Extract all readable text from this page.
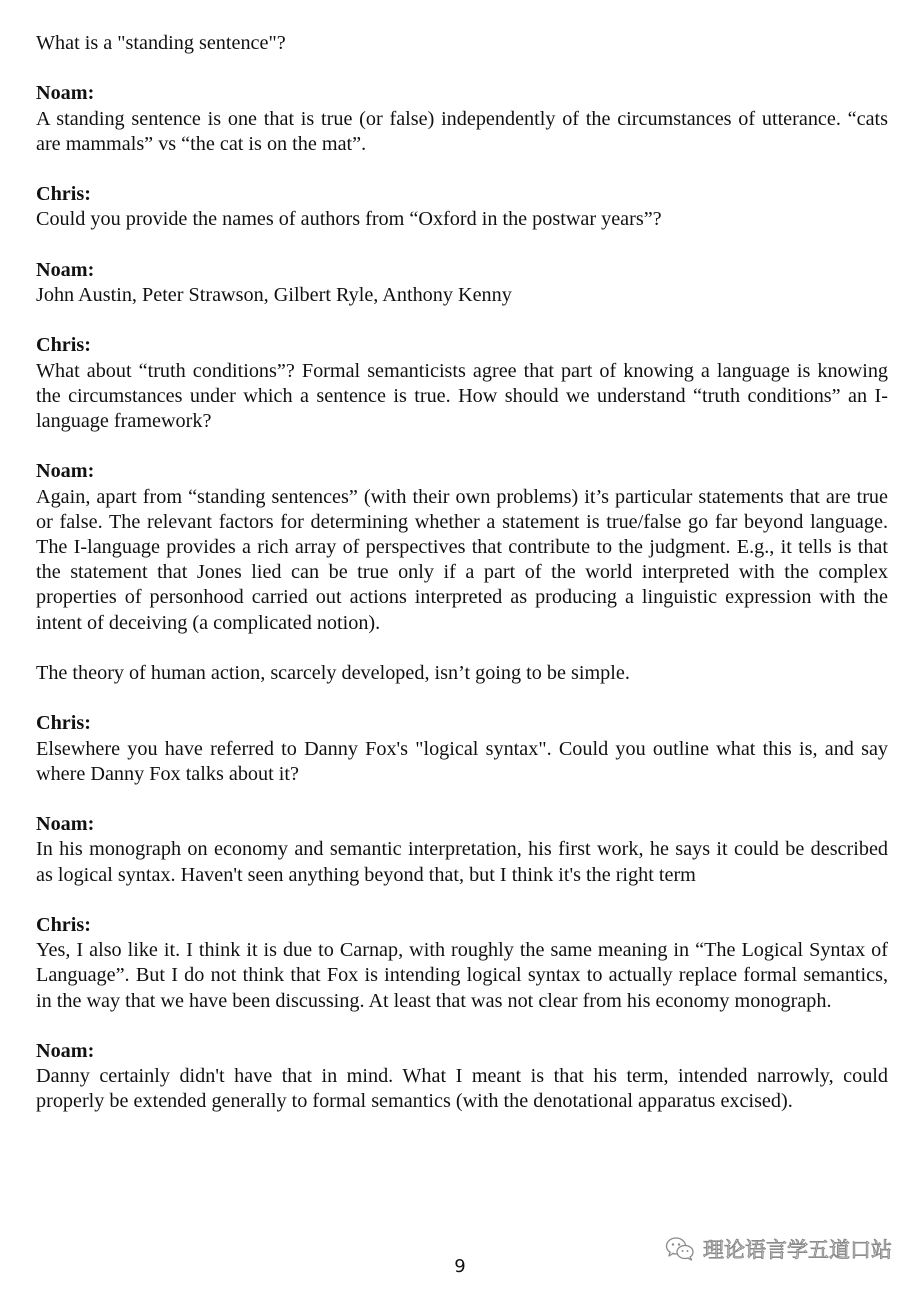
What is a "standing sentence"?
Noam:
A standing sentence is one that is true (or false) independently of the circumstances of utterance. “cats are mammals” vs “the cat is on the mat”.
Chris:
Could you provide the names of authors from “Oxford in the postwar years”?
Noam:
John Austin, Peter Strawson, Gilbert Ryle, Anthony Kenny
Chris:
What about “truth conditions”? Formal semanticists agree that part of knowing a language is knowing the circumstances under which a sentence is true. How should we understand “truth conditions” an I-language framework?
Noam:
Again, apart from “standing sentences” (with their own problems) it’s particular statements that are true or false. The relevant factors for determining whether a statement is true/false go far beyond language. The I-language provides a rich array of perspectives that contribute to the judgment. E.g., it tells is that the statement that Jones lied can be true only if a part of the world interpreted with the complex properties of personhood carried out actions interpreted as producing a linguistic expression with the intent of deceiving (a complicated notion).
The theory of human action, scarcely developed, isn’t going to be simple.
Chris:
Elsewhere you have referred to Danny Fox's "logical syntax". Could you outline what this is, and say where Danny Fox talks about it?
Noam:
In his monograph on economy and semantic interpretation, his first work, he says it could be described as logical syntax. Haven't seen anything beyond that, but I think it's the right term
Chris:
Yes, I also like it. I think it is due to Carnap, with roughly the same meaning in “The Logical Syntax of Language”. But I do not think that Fox is intending logical syntax to actually replace formal semantics, in the way that we have been discussing. At least that was not clear from his economy monograph.
Noam:
Danny certainly didn't have that in mind. What I meant is that his term, intended narrowly, could properly be extended generally to formal semantics (with the denotational apparatus excised).
9
理论语言学五道口站
